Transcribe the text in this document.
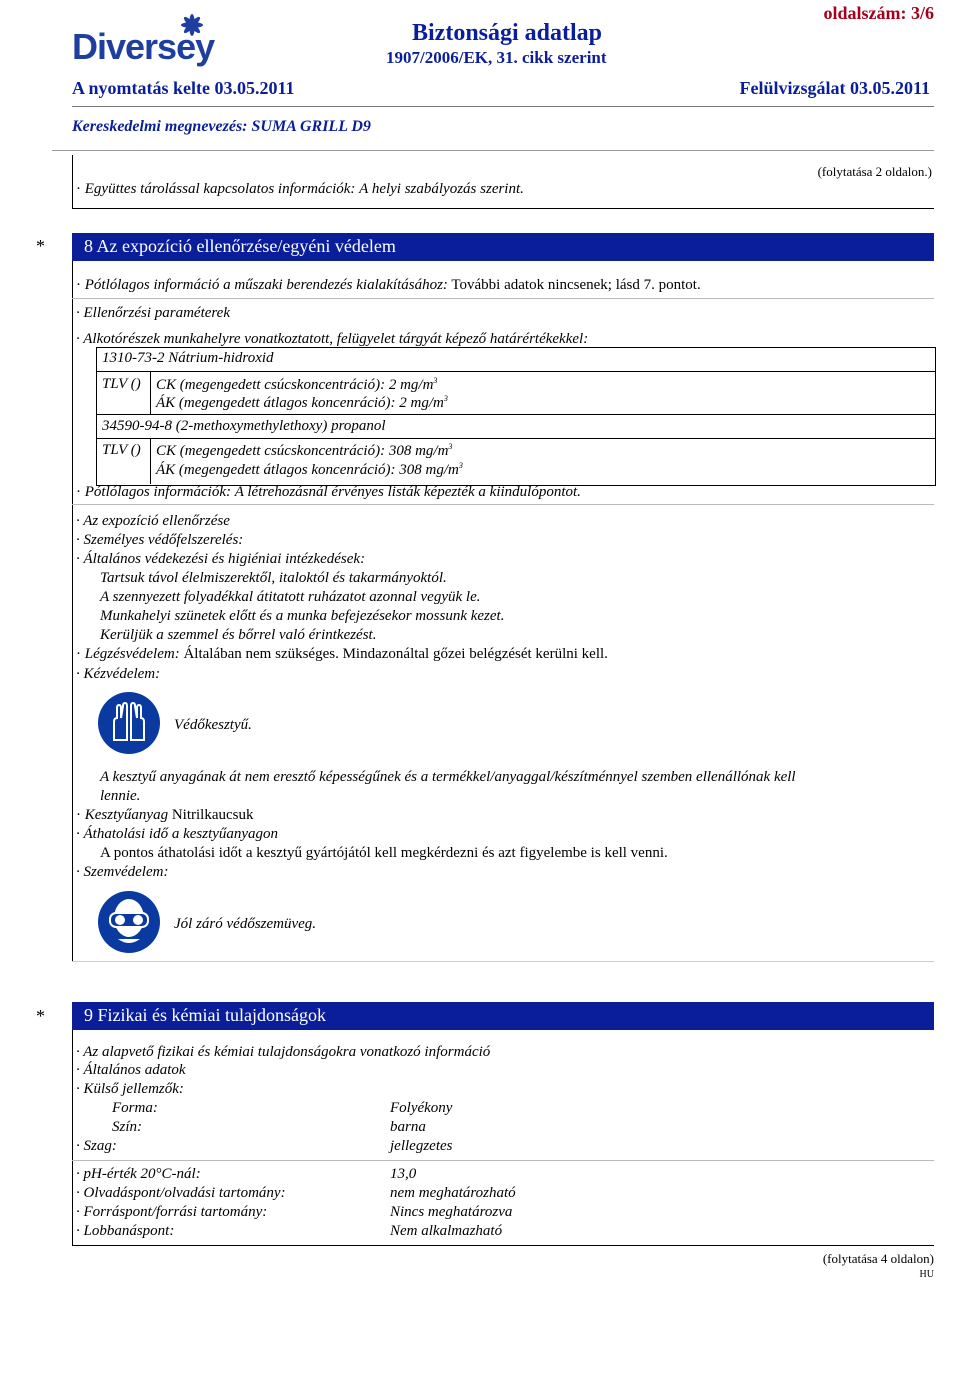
Diversey	Biztonsági adatlap
1907/2006/EK, 31. cikk szerint
oldalszám: 3/6
A nyomtatás kelte 03.05.2011	Felülvizsgálat 03.05.2011
Kereskedelmi megnevezés: SUMA GRILL D9
(folytatása 2 oldalon.)
· Együttes tárolással kapcsolatos információk: A helyi szabályozás szerint.
* 8 Az expozíció ellenőrzése/egyéni védelem
· Pótlólagos információ a műszaki berendezés kialakításához: További adatok nincsenek; lásd 7. pontot.
· Ellenőrzési paraméterek
· Alkotórészek munkahelyre vonatkoztatott, felügyelet tárgyát képező határértékekkel:
1310-73-2 Nátrium-hidroxid
TLV () CK (megengedett csúcskoncentráció): 2 $mg/m^3$
ÁK (megengedett átlagos koncenráció): 2 $mg/m^3$
34590-94-8 (2-methoxymethylethoxy) propanol
TLV () CK (megengedett csúcskoncentráció): 308 $mg/m^3$
ÁK (megengedett átlagos koncenráció): 308 $mg/m^3$
· Pótlólagos információk: A létrehozásnál érvényes listák képezték a kiindulópontot.
· Az expozíció ellenőrzése
· Személyes védőfelszerelés:
· Általános védekezési és higiéniai intézkedések:
Tartsuk távol élelmiszerektől, italoktól és takarmányoktól.
A szennyezett folyadékkal átitatott ruházatot azonnal vegyük le.
Munkahelyi szünetek előtt és a munka befejezésekor mossunk kezet.
Kerüljük a szemmel és bőrrel való érintkezést.
· Légzésvédelem: Általában nem szükséges. Mindazonáltal gőzei belégzését kerülni kell.
· Kézvédelem:
Védőkesztyű.
A kesztyű anyagának át nem eresztő képességűnek és a termékkel/anyaggal/készítménnyel szemben ellenállónak kell
lennie.
· Kesztyűanyag Nitrilkaucsuk
· Áthatolási idő a kesztyűanyagon
A pontos áthatolási időt a kesztyű gyártójától kell megkérdezni és azt figyelembe is kell venni.
· Szemvédelem:
Jól záró védőszemüveg.
* 9 Fizikai és kémiai tulajdonságok
· Az alapvető fizikai és kémiai tulajdonságokra vonatkozó információ
· Általános adatok
· Külső jellemzők:
Forma:	Folyékony
Szín:	barna
· Szag:	jellegzetes
· pH-érték 20°C-nál:	13,0
· Olvadáspont/olvadási tartomány:	nem meghatározható
· Forráspont/forrási tartomány:	Nincs meghatározva
· Lobbanáspont:	Nem alkalmazható
(folytatása 4 oldalon)
HU
